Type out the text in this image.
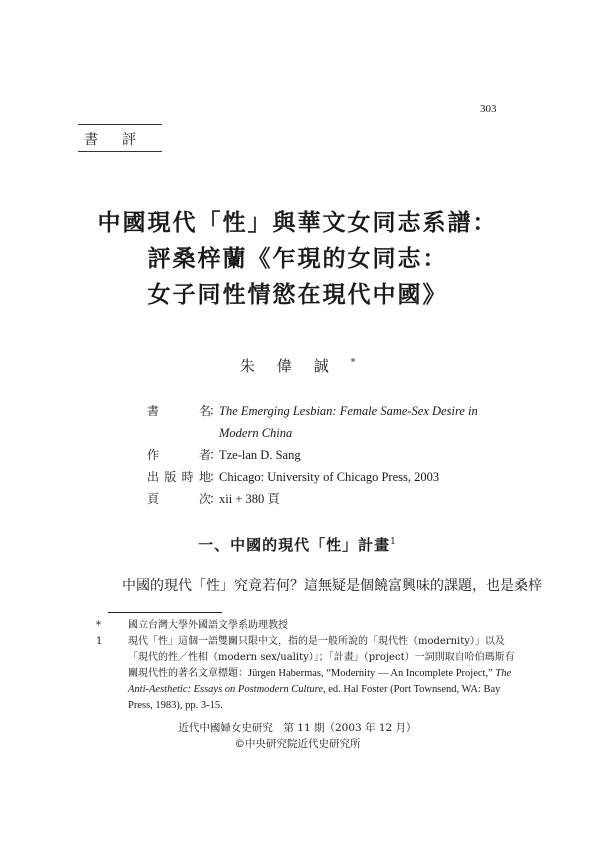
303
書評
中國現代「性」與華文女同志系譜：
評桑梓蘭《乍現的女同志：
女子同性情慾在現代中國》
朱偉誠*
書　　名
：
The Emerging Lesbian: Female Same-Sex Desire in
Modern China
作　　者
：
Tze-lan D. Sang
出版時地
：
Chicago: University of Chicago Press, 2003
頁　　次
：
xii + 380 頁
一、中國的現代「性」計畫$^1$
中國的現代「性」究竟若何？這無疑是個饒富興味的課題，也是桑梓
*	國立台灣大學外國語文學系助理教授
1	現代「性」這個一語雙關只限中文，指的是一般所說的「現代性（modernity）」以及「現代的性／性相（modern sex/uality）」；「計畫」（project）一詞則取自哈伯瑪斯有關現代性的著名文章標題：Jürgen Habermas, “Modernity — An Incomplete Project,” The Anti-Aesthetic: Essays on Postmodern Culture, ed. Hal Foster (Port Townsend, WA: Bay Press, 1983), pp. 3-15.
近代中國婦女史研究　第 11 期（2003 年 12 月）
©中央研究院近代史研究所
